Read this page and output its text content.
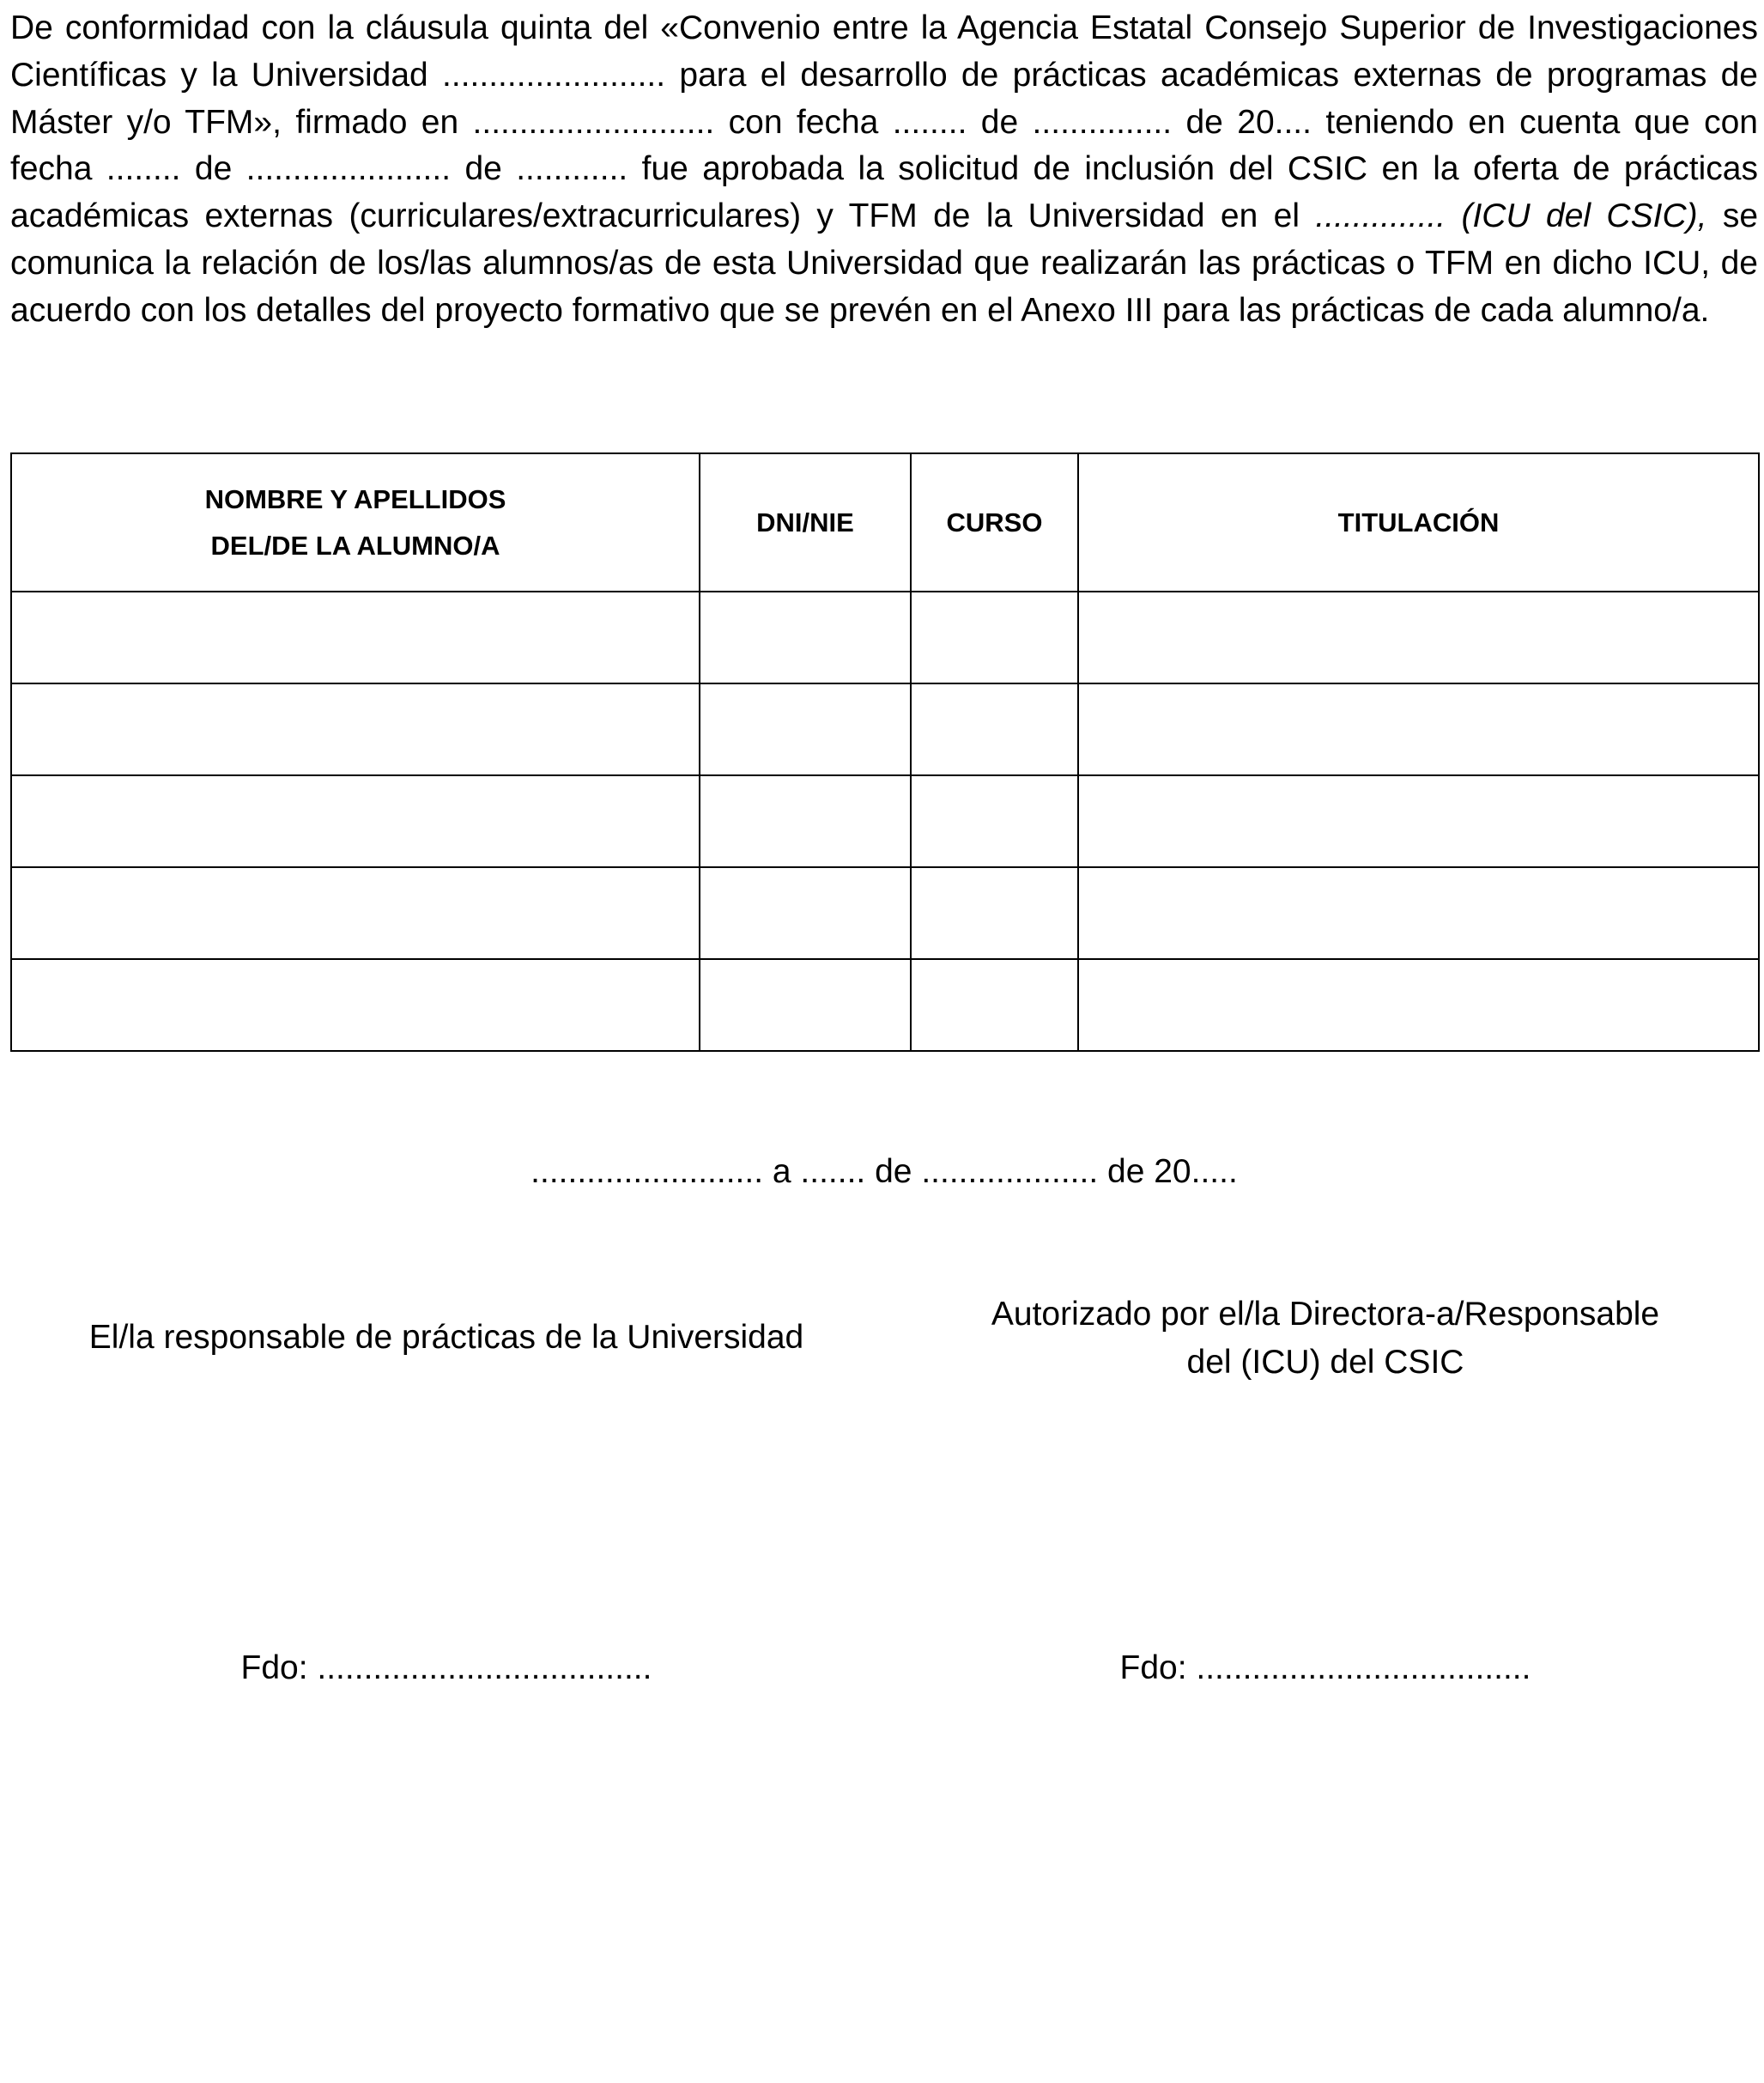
De conformidad con la cláusula quinta del «Convenio entre la Agencia Estatal Consejo Superior de Investigaciones Científicas y la Universidad ........................ para el desarrollo de prácticas académicas externas de programas de Máster y/o TFM», firmado en .......................... con fecha ........ de ............... de 20.... teniendo en cuenta que con fecha ........ de ...................... de ............ fue aprobada la solicitud de inclusión del CSIC en la oferta de prácticas académicas externas (curriculares/extracurriculares) y TFM de la Universidad en el .............. (ICU del CSIC), se comunica la relación de los/las alumnos/as de esta Universidad que realizarán las prácticas o TFM en dicho ICU, de acuerdo con los detalles del proyecto formativo que se prevén en el Anexo III para las prácticas de cada alumno/a.

NOMBRE Y APELLIDOS
DEL/DE LA ALUMNO/A	DNI/NIE	CURSO	TITULACIÓN

......................... a ....... de ................... de 20.....
El/la responsable de prácticas de la Universidad
Autorizado por el/la Directora-a/Responsable
del (ICU) del CSIC
Fdo: ....................................	Fdo: ....................................
